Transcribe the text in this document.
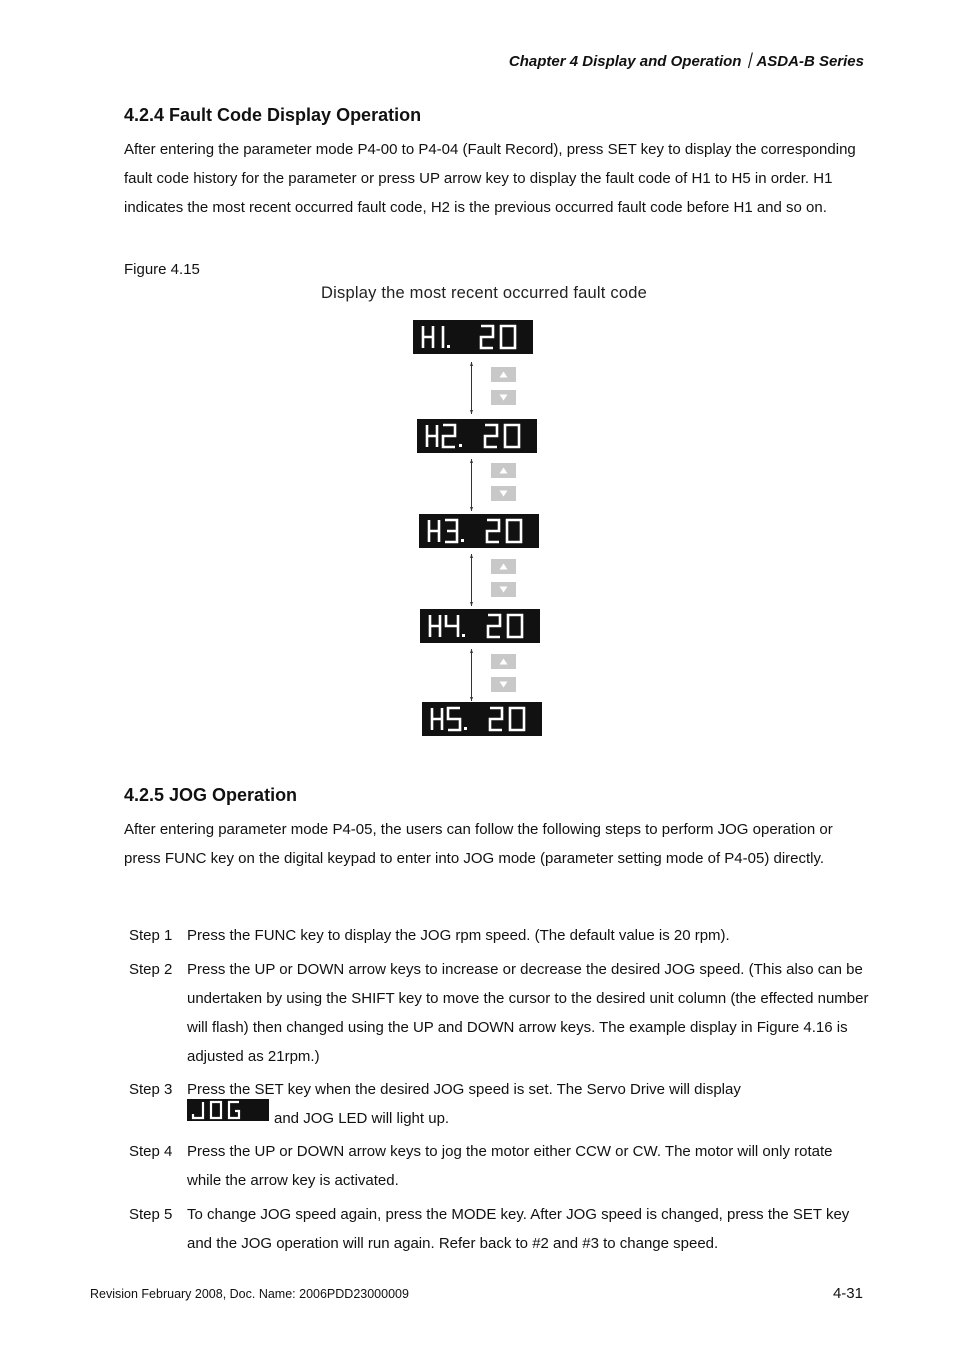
Chapter 4 Display and Operation｜ASDA-B Series
4.2.4 Fault Code Display Operation

After entering the parameter mode P4-00 to P4-04 (Fault Record), press SET key to display the corresponding fault code history for the parameter or press UP arrow key to display the fault code of H1 to H5 in order. H1 indicates the most recent occurred fault code, H2 is the previous occurred fault code before H1 and so on.

Figure 4.15
Display the most recent occurred fault code
4.2.5 JOG Operation

After entering parameter mode P4-05, the users can follow the following steps to perform JOG operation or press FUNC key on the digital keypad to enter into JOG mode (parameter setting mode of P4-05) directly.

Step 1 Press the FUNC key to display the JOG rpm speed. (The default value is 20 rpm).
Step 2 Press the UP or DOWN arrow keys to increase or decrease the desired JOG speed. (This also can be undertaken by using the SHIFT key to move the cursor to the desired unit column (the effected number will flash) then changed using the UP and DOWN arrow keys. The example display in Figure 4.16 is adjusted as 21rpm.)
Step 3 Press the SET key when the desired JOG speed is set. The Servo Drive will display
and JOG LED will light up.
Step 4 Press the UP or DOWN arrow keys to jog the motor either CCW or CW. The motor will only rotate while the arrow key is activated.
Step 5 To change JOG speed again, press the MODE key. After JOG speed is changed, press the SET key and the JOG operation will run again. Refer back to #2 and #3 to change speed.
Revision February 2008, Doc. Name: 2006PDD23000009	4-31
